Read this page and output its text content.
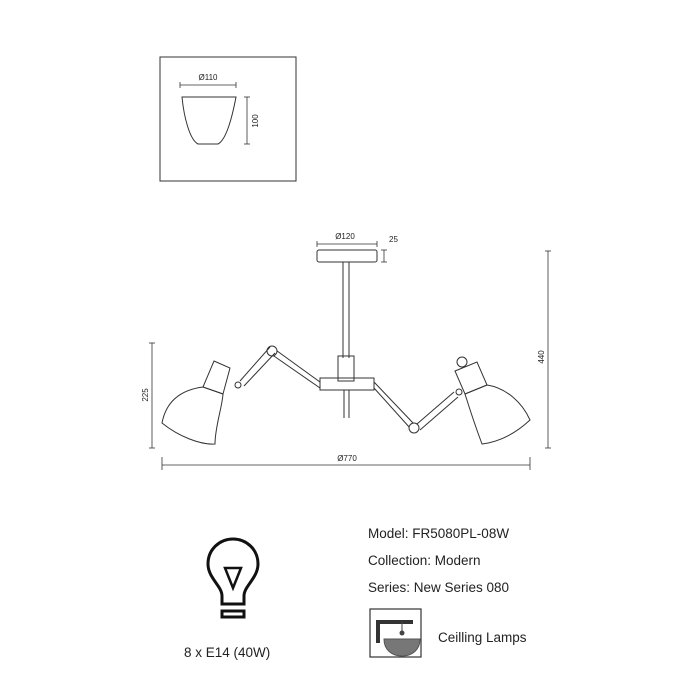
Ø110
100
Ø120	25
225
440
Ø770
Model: FR5080PL-08W
Collection: Modern
Series: New Series 080
8 x E14 (40W)
Ceilling Lamps
